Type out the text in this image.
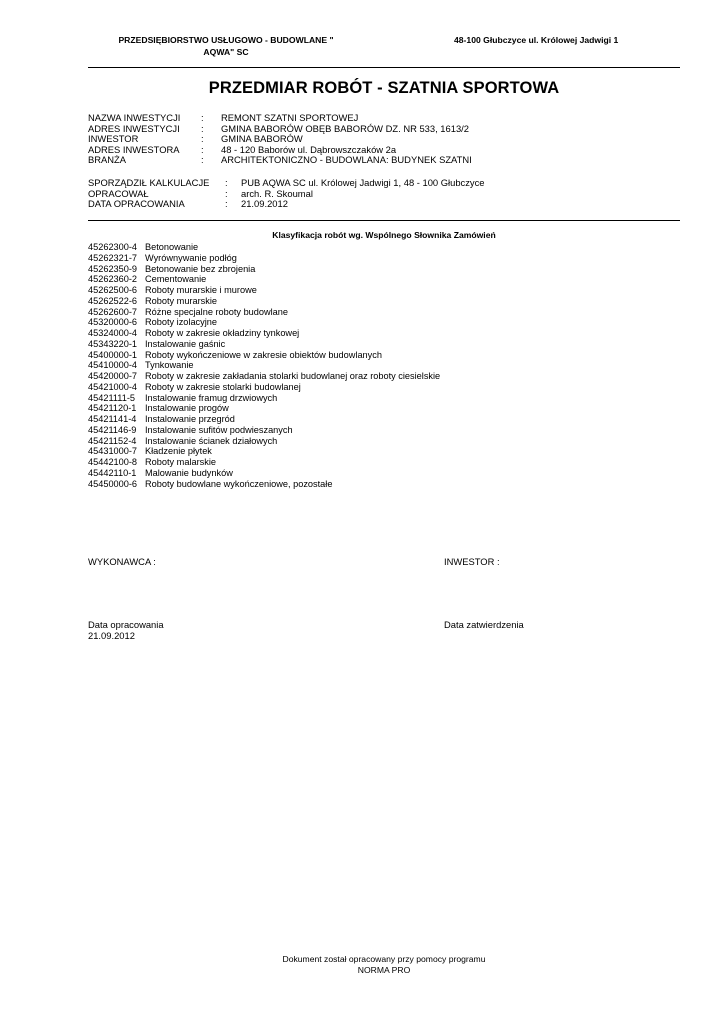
PRZEDSIĘBIORSTWO USŁUGOWO - BUDOWLANE "
AQWA" SC
48-100 Głubczyce ul. Królowej Jadwigi 1
PRZEDMIAR ROBÓT - SZATNIA SPORTOWA
NAZWA INWESTYCJI	:	REMONT SZATNI SPORTOWEJ
ADRES INWESTYCJI	:	GMINA BABORÓW OBĘB BABORÓW DZ. NR 533, 1613/2
INWESTOR	:	GMINA BABORÓW
ADRES INWESTORA	:	48 - 120 Baborów ul. Dąbrowszczaków 2a
BRANŻA	:	ARCHITEKTONICZNO - BUDOWLANA: BUDYNEK SZATNI
SPORZĄDZIŁ KALKULACJE	:	PUB AQWA SC ul. Królowej Jadwigi 1, 48 - 100 Głubczyce
OPRACOWAŁ	:	arch. R. Skoumal
DATA OPRACOWANIA	:	21.09.2012
Klasyfikacja robót wg. Wspólnego Słownika Zamówień
45262300-4 Betonowanie
45262321-7 Wyrównywanie podłóg
45262350-9 Betonowanie bez zbrojenia
45262360-2 Cementowanie
45262500-6 Roboty murarskie i murowe
45262522-6 Roboty murarskie
45262600-7 Różne specjalne roboty budowlane
45320000-6 Roboty izolacyjne
45324000-4 Roboty w zakresie okładziny tynkowej
45343220-1 Instalowanie gaśnic
45400000-1 Roboty wykończeniowe w zakresie obiektów budowlanych
45410000-4 Tynkowanie
45420000-7 Roboty w zakresie zakładania stolarki budowlanej oraz roboty ciesielskie
45421000-4 Roboty w zakresie stolarki budowlanej
45421111-5	Instalowanie framug drzwiowych
45421120-1 Instalowanie progów
45421141-4 Instalowanie przegród
45421146-9 Instalowanie sufitów podwieszanych
45421152-4 Instalowanie ścianek działowych
45431000-7 Kładzenie płytek
45442100-8 Roboty malarskie
45442110-1 Malowanie budynków
45450000-6 Roboty budowlane wykończeniowe, pozostałe
WYKONAWCA :	INWESTOR :
Data opracowania
21.09.2012
Data zatwierdzenia
Dokument został opracowany przy pomocy programu
NORMA PRO
